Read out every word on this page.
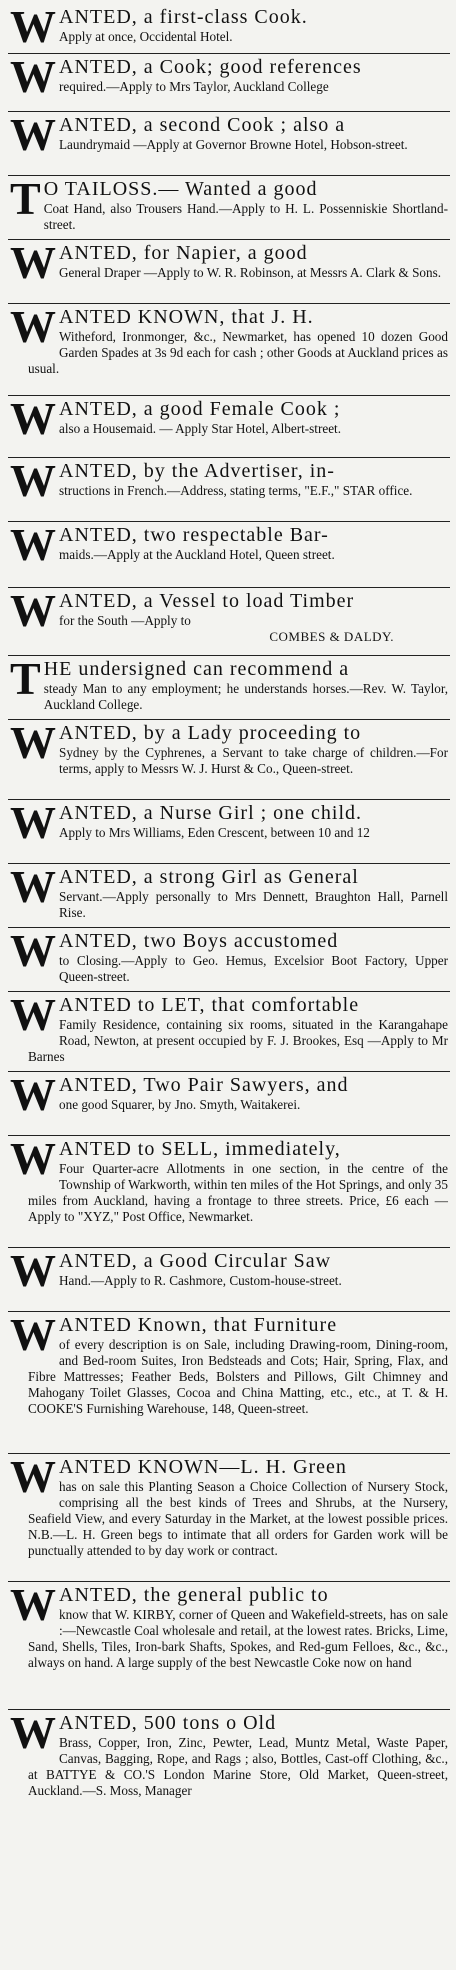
W ANTED, a first-class Cook.

Apply at once, Occidental Hotel.

W ANTED, a Cook; good references

required.—Apply to Mrs Taylor, Auckland College

W ANTED, a second Cook ; also a

Laundrymaid —Apply at Governor Browne Hotel, Hobson-street.

T O TAILOSS.— Wanted a good

Coat Hand, also Trousers Hand.—Apply to H. L. Possenniskie Shortland-street.

W ANTED, for Napier, a good

General Draper —Apply to W. R. Robinson, at Messrs A. Clark & Sons.

W ANTED KNOWN, that J. H.

Witheford, Ironmonger, &c., Newmarket, has opened 10 dozen Good Garden Spades at 3s 9d each for cash ; other Goods at Auckland prices as usual.

W ANTED, a good Female Cook ;

also a Housemaid. — Apply Star Hotel, Albert-street.

W ANTED, by the Advertiser, in-

structions in French.—Address, stating terms, "E.F.," STAR office.

W ANTED, two respectable Bar-

maids.—Apply at the Auckland Hotel, Queen street.

W ANTED, a Vessel to load Timber

for the South —Apply to

COMBES & DALDY.
T HE undersigned can recommend a

steady Man to any employment; he understands horses.—Rev. W. Taylor, Auckland College.

W ANTED, by a Lady proceeding to

Sydney by the Cyphrenes, a Servant to take charge of children.—For terms, apply to Messrs W. J. Hurst & Co., Queen-street.

W ANTED, a Nurse Girl ; one child.

Apply to Mrs Williams, Eden Crescent, between 10 and 12

W ANTED, a strong Girl as General

Servant.—Apply personally to Mrs Dennett, Braughton Hall, Parnell Rise.

W ANTED, two Boys accustomed

to Closing.—Apply to Geo. Hemus, Excelsior Boot Factory, Upper Queen-street.

W ANTED to LET, that comfortable

Family Residence, containing six rooms, situated in the Karangahape Road, Newton, at present occupied by F. J. Brookes, Esq —Apply to Mr Barnes

W ANTED, Two Pair Sawyers, and

one good Squarer, by Jno. Smyth, Waitakerei.

W ANTED to SELL, immediately,

Four Quarter-acre Allotments in one section, in the centre of the Township of Warkworth, within ten miles of the Hot Springs, and only 35 miles from Auckland, having a frontage to three streets. Price, £6 each —Apply to "XYZ," Post Office, Newmarket.

W ANTED, a Good Circular Saw

Hand.—Apply to R. Cashmore, Custom-house-street.

W ANTED Known, that Furniture

of every description is on Sale, including Drawing-room, Dining-room, and Bed-room Suites, Iron Bedsteads and Cots; Hair, Spring, Flax, and Fibre Mattresses; Feather Beds, Bolsters and Pillows, Gilt Chimney and Mahogany Toilet Glasses, Cocoa and China Matting, etc., etc., at T. & H. COOKE'S Furnishing Warehouse, 148, Queen-street.

W ANTED KNOWN—L. H. Green

has on sale this Planting Season a Choice Collection of Nursery Stock, comprising all the best kinds of Trees and Shrubs, at the Nursery, Seafield View, and every Saturday in the Market, at the lowest possible prices. N.B.—L. H. Green begs to intimate that all orders for Garden work will be punctually attended to by day work or contract.

W ANTED, the general public to

know that W. KIRBY, corner of Queen and Wakefield-streets, has on sale :—Newcastle Coal wholesale and retail, at the lowest rates. Bricks, Lime, Sand, Shells, Tiles, Iron-bark Shafts, Spokes, and Red-gum Felloes, &c., &c., always on hand. A large supply of the best Newcastle Coke now on hand

W ANTED, 500 tons o Old

Brass, Copper, Iron, Zinc, Pewter, Lead, Muntz Metal, Waste Paper, Canvas, Bagging, Rope, and Rags ; also, Bottles, Cast-off Clothing, &c., at BATTYE & CO.'S London Marine Store, Old Market, Queen-street, Auckland.—S. Moss, Manager
